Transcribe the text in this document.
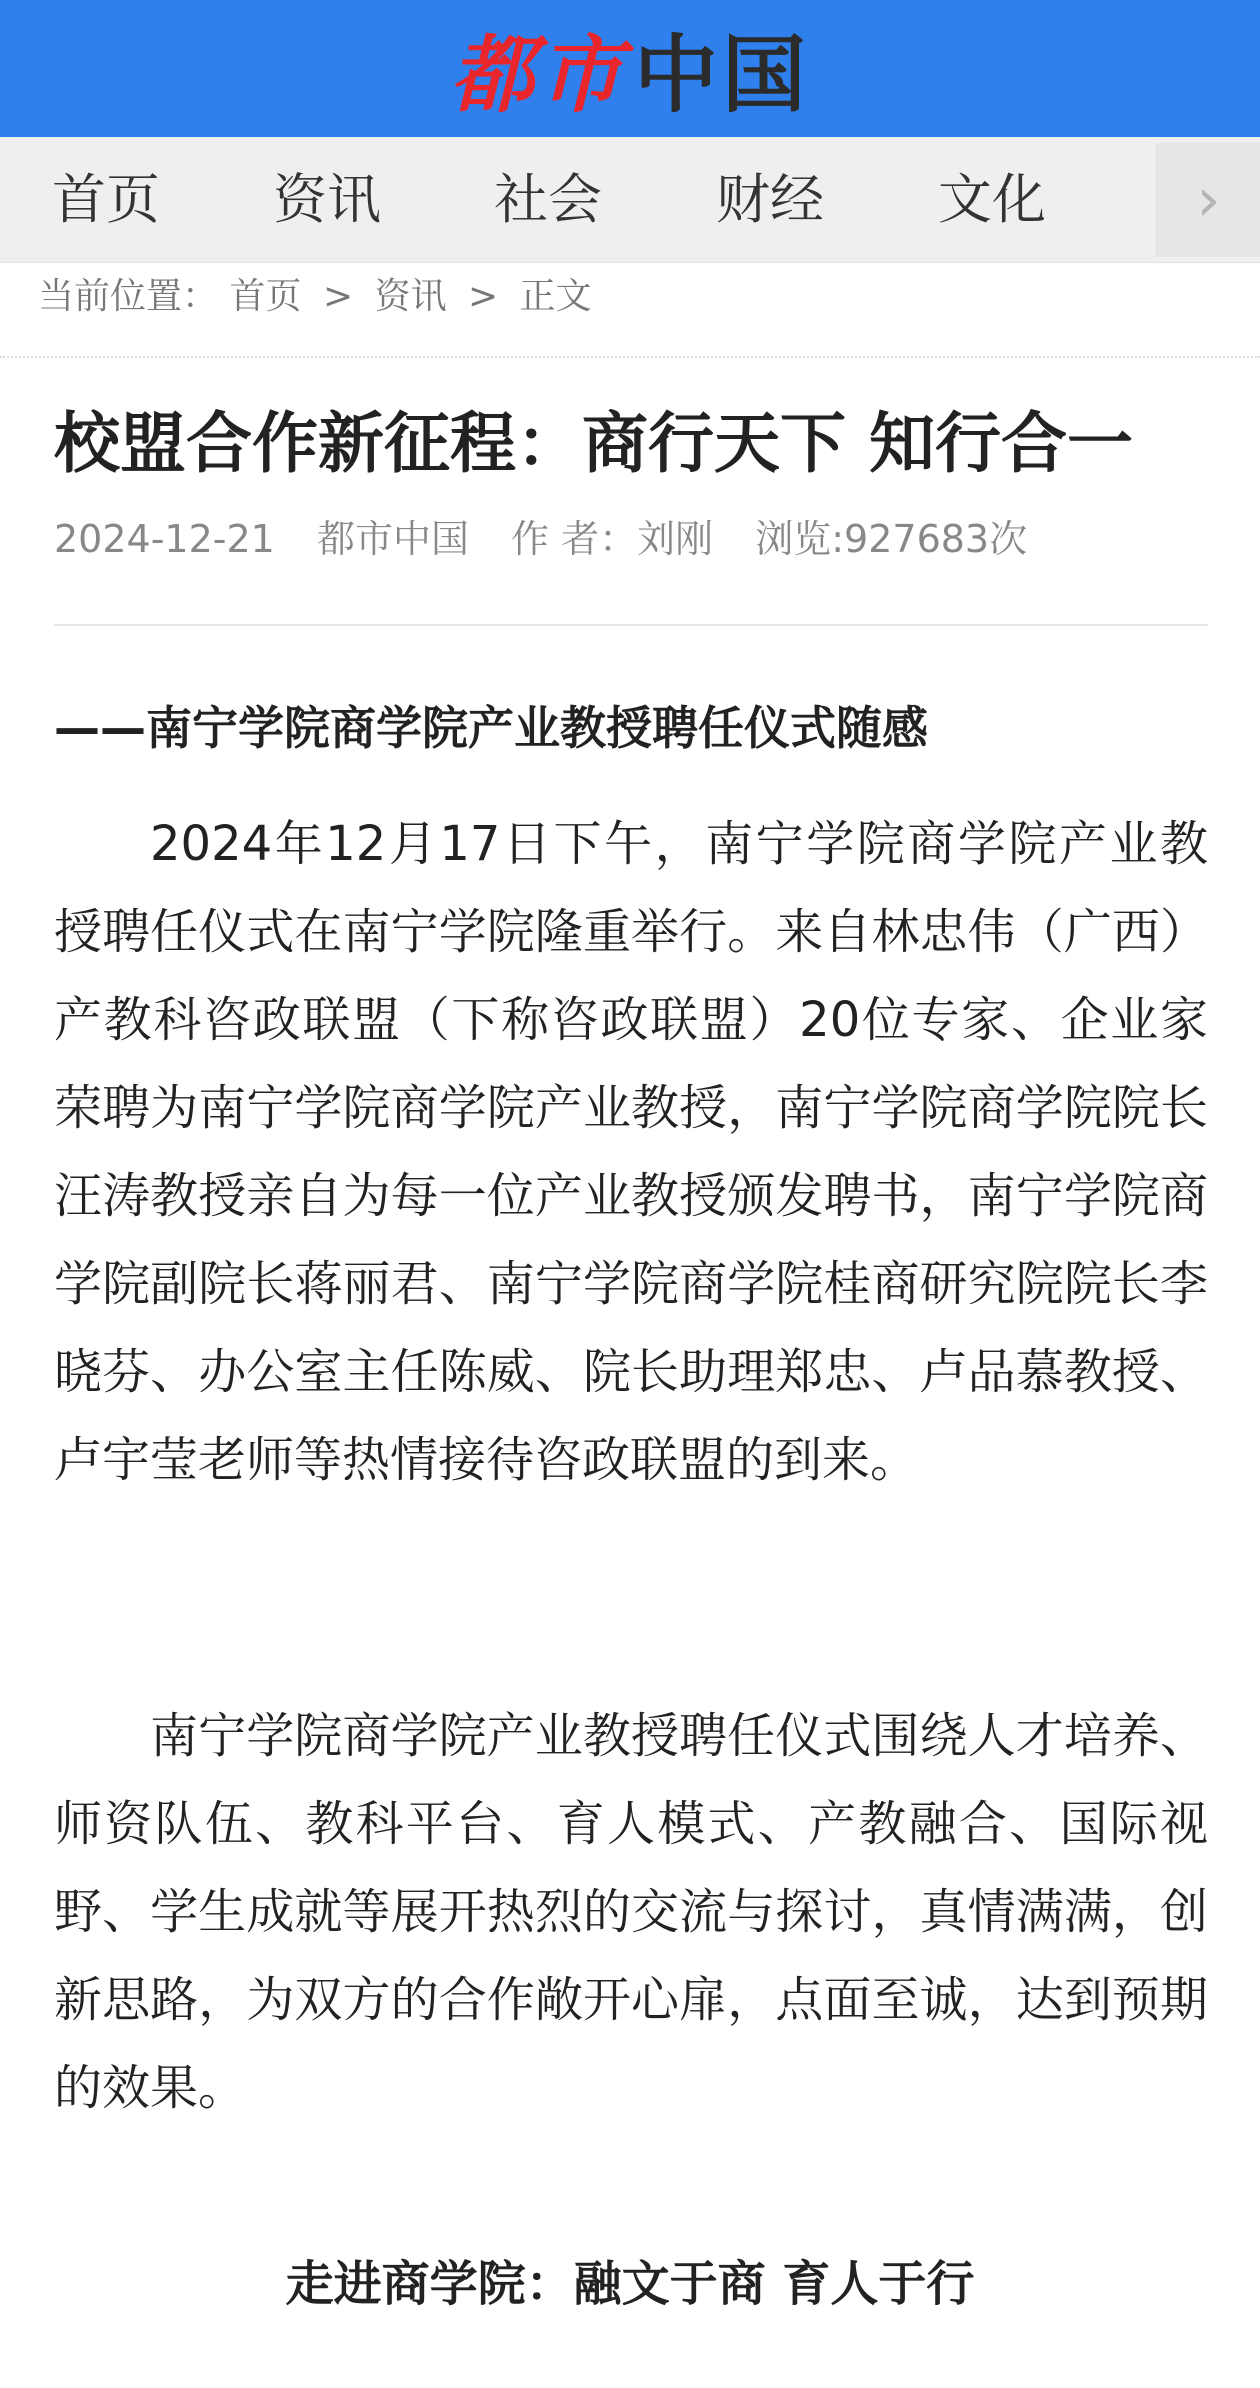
都市 中国
首页 资讯 社会 财经 文化	›
当前位置： 首页 > 资讯 > 正文
校盟合作新征程：商行天下 知行合一
2024-12-21 都市中国 作 者：刘刚 浏览:927683次
——南宁学院商学院产业教授聘任仪式随感

2024年12月17日下午，南宁学院商学院产业教授聘任仪式在南宁学院隆重举行。来自林忠伟（广西）产教科咨政联盟（下称咨政联盟）20位专家、企业家荣聘为南宁学院商学院产业教授，南宁学院商学院院长汪涛教授亲自为每一位产业教授颁发聘书，南宁学院商学院副院长蒋丽君、南宁学院商学院桂商研究院院长李晓芬、办公室主任陈威、院长助理郑忠、卢品慕教授、卢宇莹老师等热情接待咨政联盟的到来。

南宁学院商学院产业教授聘任仪式围绕人才培养、师资队伍、教科平台、育人模式、产教融合、国际视野、学生成就等展开热烈的交流与探讨，真情满满，创新思路，为双方的合作敞开心扉，点面至诚，达到预期的效果。

走进商学院：融文于商 育人于行
